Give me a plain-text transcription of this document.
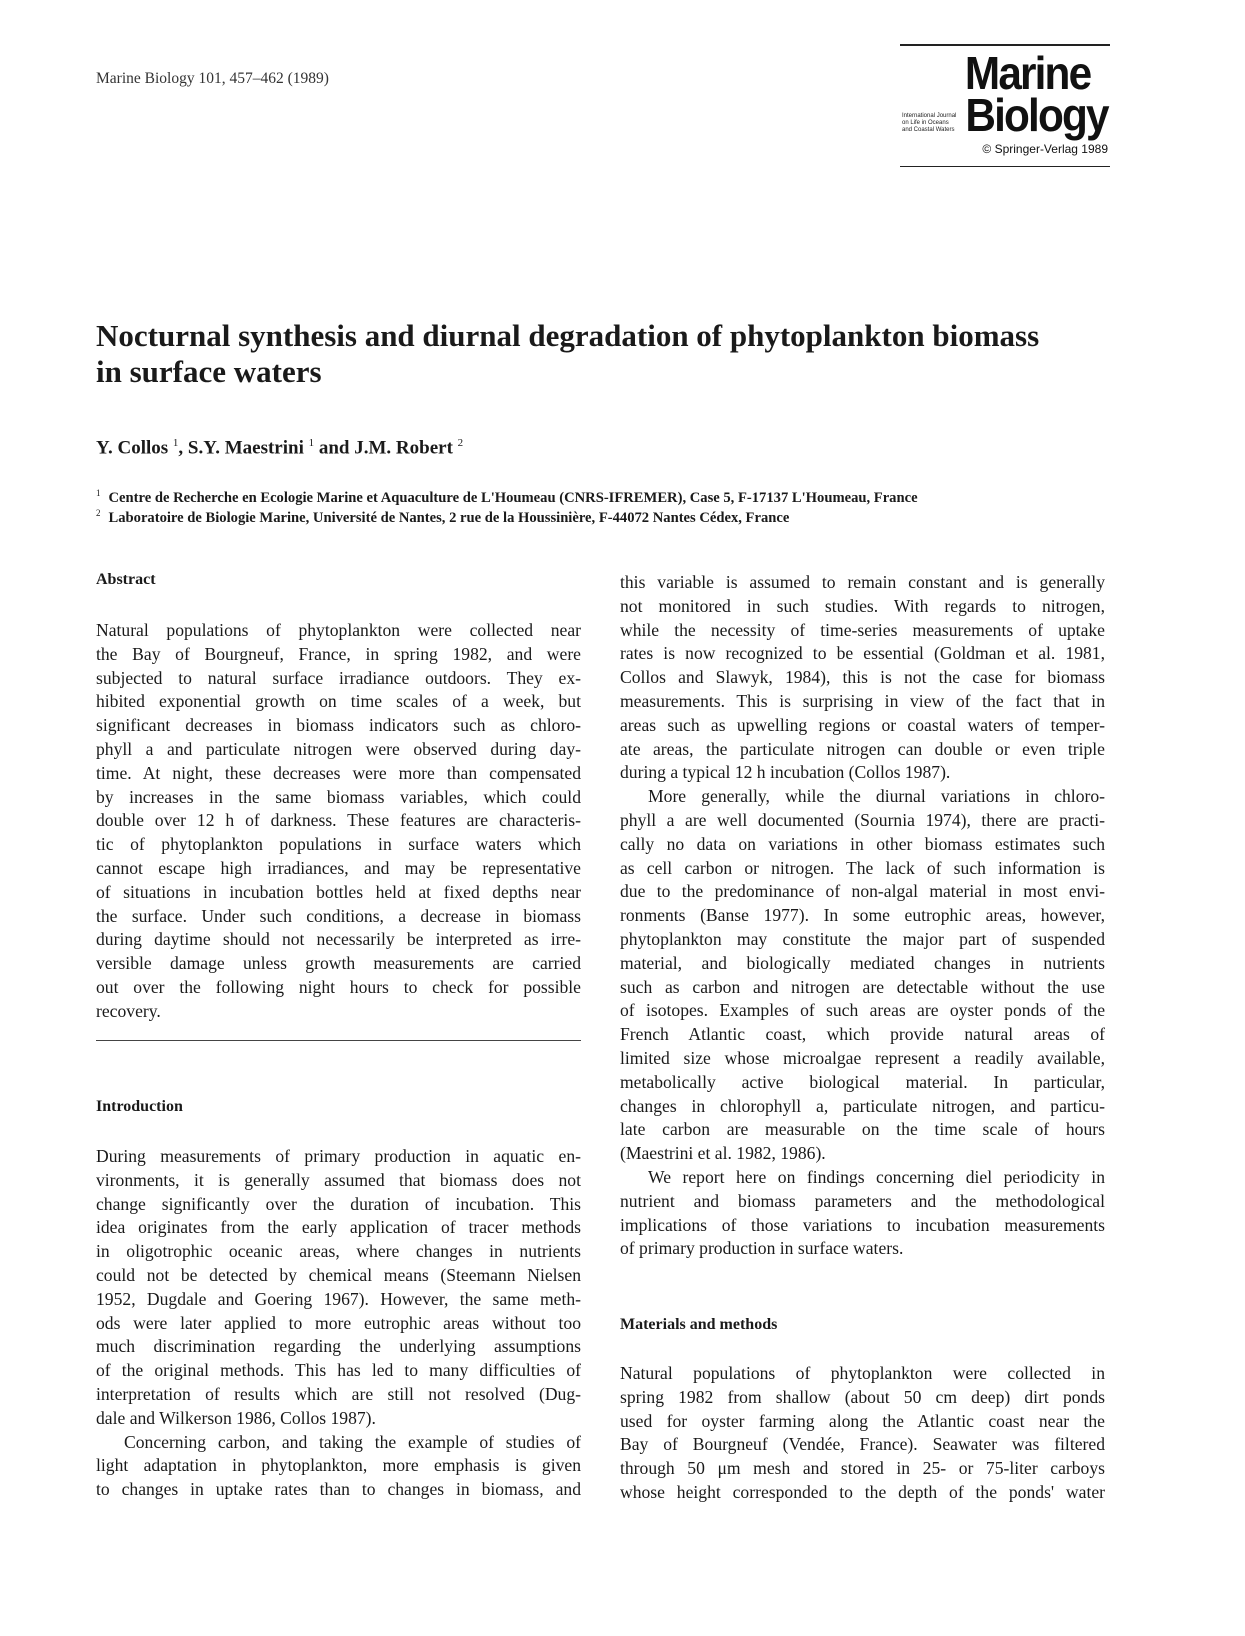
Marine Biology 101, 457–462 (1989)	Marine
Biology
International Journal
on Life in Oceans
and Coastal Waters
© Springer-Verlag 1989
Nocturnal synthesis and diurnal degradation of phytoplankton biomass
in surface waters
Y. Collos $^1$, S.Y. Maestrini $^1$ and J.M. Robert $^2$
$^1$ Centre de Recherche en Ecologie Marine et Aquaculture de L'Houmeau (CNRS-IFREMER), Case 5, F-17137 L'Houmeau, France
$^2$ Laboratoire de Biologie Marine, Université de Nantes, 2 rue de la Houssinière, F-44072 Nantes Cédex, France
Abstract
Natural populations of phytoplankton were collected near
the Bay of Bourgneuf, France, in spring 1982, and were
subjected to natural surface irradiance outdoors. They ex-
hibited exponential growth on time scales of a week, but
significant decreases in biomass indicators such as chloro-
phyll a and particulate nitrogen were observed during day-
time. At night, these decreases were more than compensated
by increases in the same biomass variables, which could
double over 12 h of darkness. These features are characteris-
tic of phytoplankton populations in surface waters which
cannot escape high irradiances, and may be representative
of situations in incubation bottles held at fixed depths near
the surface. Under such conditions, a decrease in biomass
during daytime should not necessarily be interpreted as irre-
versible damage unless growth measurements are carried
out over the following night hours to check for possible
recovery.
Introduction
During measurements of primary production in aquatic en-
vironments, it is generally assumed that biomass does not
change significantly over the duration of incubation. This
idea originates from the early application of tracer methods
in oligotrophic oceanic areas, where changes in nutrients
could not be detected by chemical means (Steemann Nielsen
1952, Dugdale and Goering 1967). However, the same meth-
ods were later applied to more eutrophic areas without too
much discrimination regarding the underlying assumptions
of the original methods. This has led to many difficulties of
interpretation of results which are still not resolved (Dug-
dale and Wilkerson 1986, Collos 1987).
Concerning carbon, and taking the example of studies of
light adaptation in phytoplankton, more emphasis is given
to changes in uptake rates than to changes in biomass, and
this variable is assumed to remain constant and is generally
not monitored in such studies. With regards to nitrogen,
while the necessity of time-series measurements of uptake
rates is now recognized to be essential (Goldman et al. 1981,
Collos and Slawyk, 1984), this is not the case for biomass
measurements. This is surprising in view of the fact that in
areas such as upwelling regions or coastal waters of temper-
ate areas, the particulate nitrogen can double or even triple
during a typical 12 h incubation (Collos 1987).
More generally, while the diurnal variations in chloro-
phyll a are well documented (Sournia 1974), there are practi-
cally no data on variations in other biomass estimates such
as cell carbon or nitrogen. The lack of such information is
due to the predominance of non-algal material in most envi-
ronments (Banse 1977). In some eutrophic areas, however,
phytoplankton may constitute the major part of suspended
material, and biologically mediated changes in nutrients
such as carbon and nitrogen are detectable without the use
of isotopes. Examples of such areas are oyster ponds of the
French Atlantic coast, which provide natural areas of
limited size whose microalgae represent a readily available,
metabolically active biological material. In particular,
changes in chlorophyll a, particulate nitrogen, and particu-
late carbon are measurable on the time scale of hours
(Maestrini et al. 1982, 1986).
We report here on findings concerning diel periodicity in
nutrient and biomass parameters and the methodological
implications of those variations to incubation measurements
of primary production in surface waters.
Materials and methods
Natural populations of phytoplankton were collected in
spring 1982 from shallow (about 50 cm deep) dirt ponds
used for oyster farming along the Atlantic coast near the
Bay of Bourgneuf (Vendée, France). Seawater was filtered
through 50 μm mesh and stored in 25- or 75-liter carboys
whose height corresponded to the depth of the ponds' water
